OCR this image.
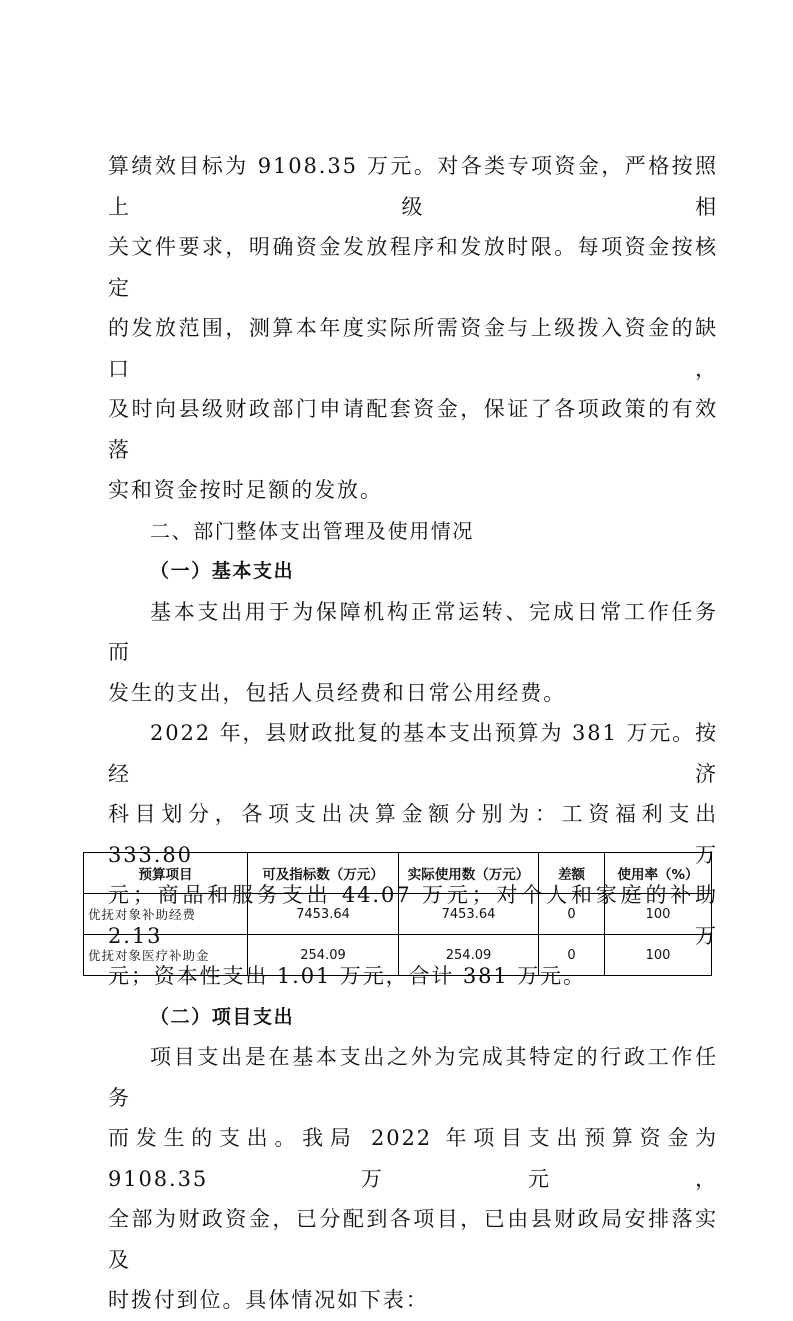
算绩效目标为 9108.35 万元。对各类专项资金，严格按照上级相

关文件要求，明确资金发放程序和发放时限。每项资金按核定

的发放范围，测算本年度实际所需资金与上级拨入资金的缺口，

及时向县级财政部门申请配套资金，保证了各项政策的有效落

实和资金按时足额的发放。

二、部门整体支出管理及使用情况

（一）基本支出

基本支出用于为保障机构正常运转、完成日常工作任务而

发生的支出，包括人员经费和日常公用经费。

2022 年，县财政批复的基本支出预算为 381 万元。按经济

科目划分，各项支出决算金额分别为：工资福利支出 333.80 万

元；商品和服务支出 44.07 万元；对个人和家庭的补助 2.13 万

元；资本性支出 1.01 万元，合计 381 万元。

（二）项目支出

项目支出是在基本支出之外为完成其特定的行政工作任务

而发生的支出。我局 2022 年项目支出预算资金为 9108.35 万元，

全部为财政资金，已分配到各项目，已由县财政局安排落实及

时拨付到位。具体情况如下表：

预算项目	可及指标数（万元）	实际使用数（万元）	差额	使用率（%）
优抚对象补助经费	7453.64	7453.64	0	100
优抚对象医疗补助金	254.09	254.09	0	100
